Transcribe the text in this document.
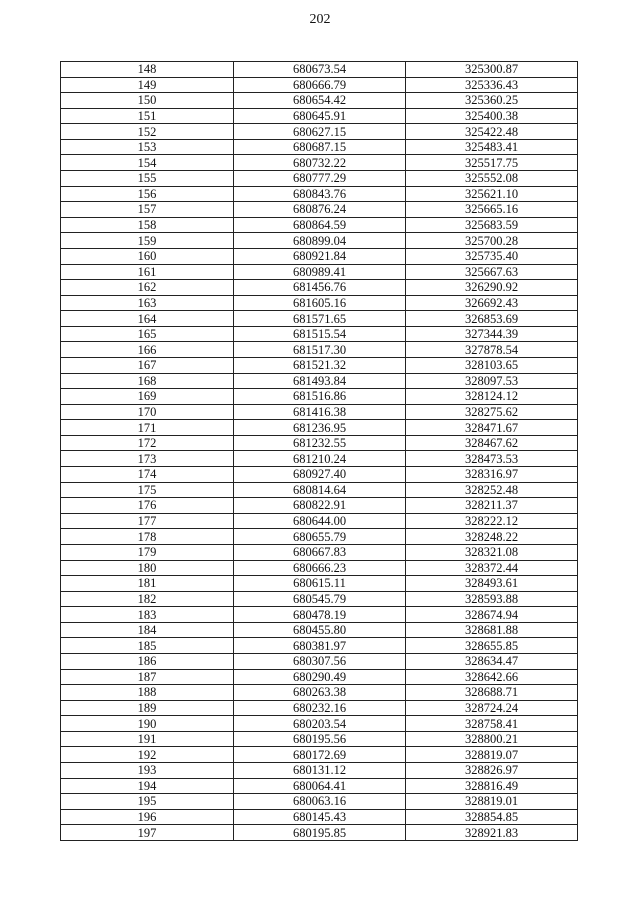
202
148	680673.54	325300.87
149	680666.79	325336.43
150	680654.42	325360.25
151	680645.91	325400.38
152	680627.15	325422.48
153	680687.15	325483.41
154	680732.22	325517.75
155	680777.29	325552.08
156	680843.76	325621.10
157	680876.24	325665.16
158	680864.59	325683.59
159	680899.04	325700.28
160	680921.84	325735.40
161	680989.41	325667.63
162	681456.76	326290.92
163	681605.16	326692.43
164	681571.65	326853.69
165	681515.54	327344.39
166	681517.30	327878.54
167	681521.32	328103.65
168	681493.84	328097.53
169	681516.86	328124.12
170	681416.38	328275.62
171	681236.95	328471.67
172	681232.55	328467.62
173	681210.24	328473.53
174	680927.40	328316.97
175	680814.64	328252.48
176	680822.91	328211.37
177	680644.00	328222.12
178	680655.79	328248.22
179	680667.83	328321.08
180	680666.23	328372.44
181	680615.11	328493.61
182	680545.79	328593.88
183	680478.19	328674.94
184	680455.80	328681.88
185	680381.97	328655.85
186	680307.56	328634.47
187	680290.49	328642.66
188	680263.38	328688.71
189	680232.16	328724.24
190	680203.54	328758.41
191	680195.56	328800.21
192	680172.69	328819.07
193	680131.12	328826.97
194	680064.41	328816.49
195	680063.16	328819.01
196	680145.43	328854.85
197	680195.85	328921.83
